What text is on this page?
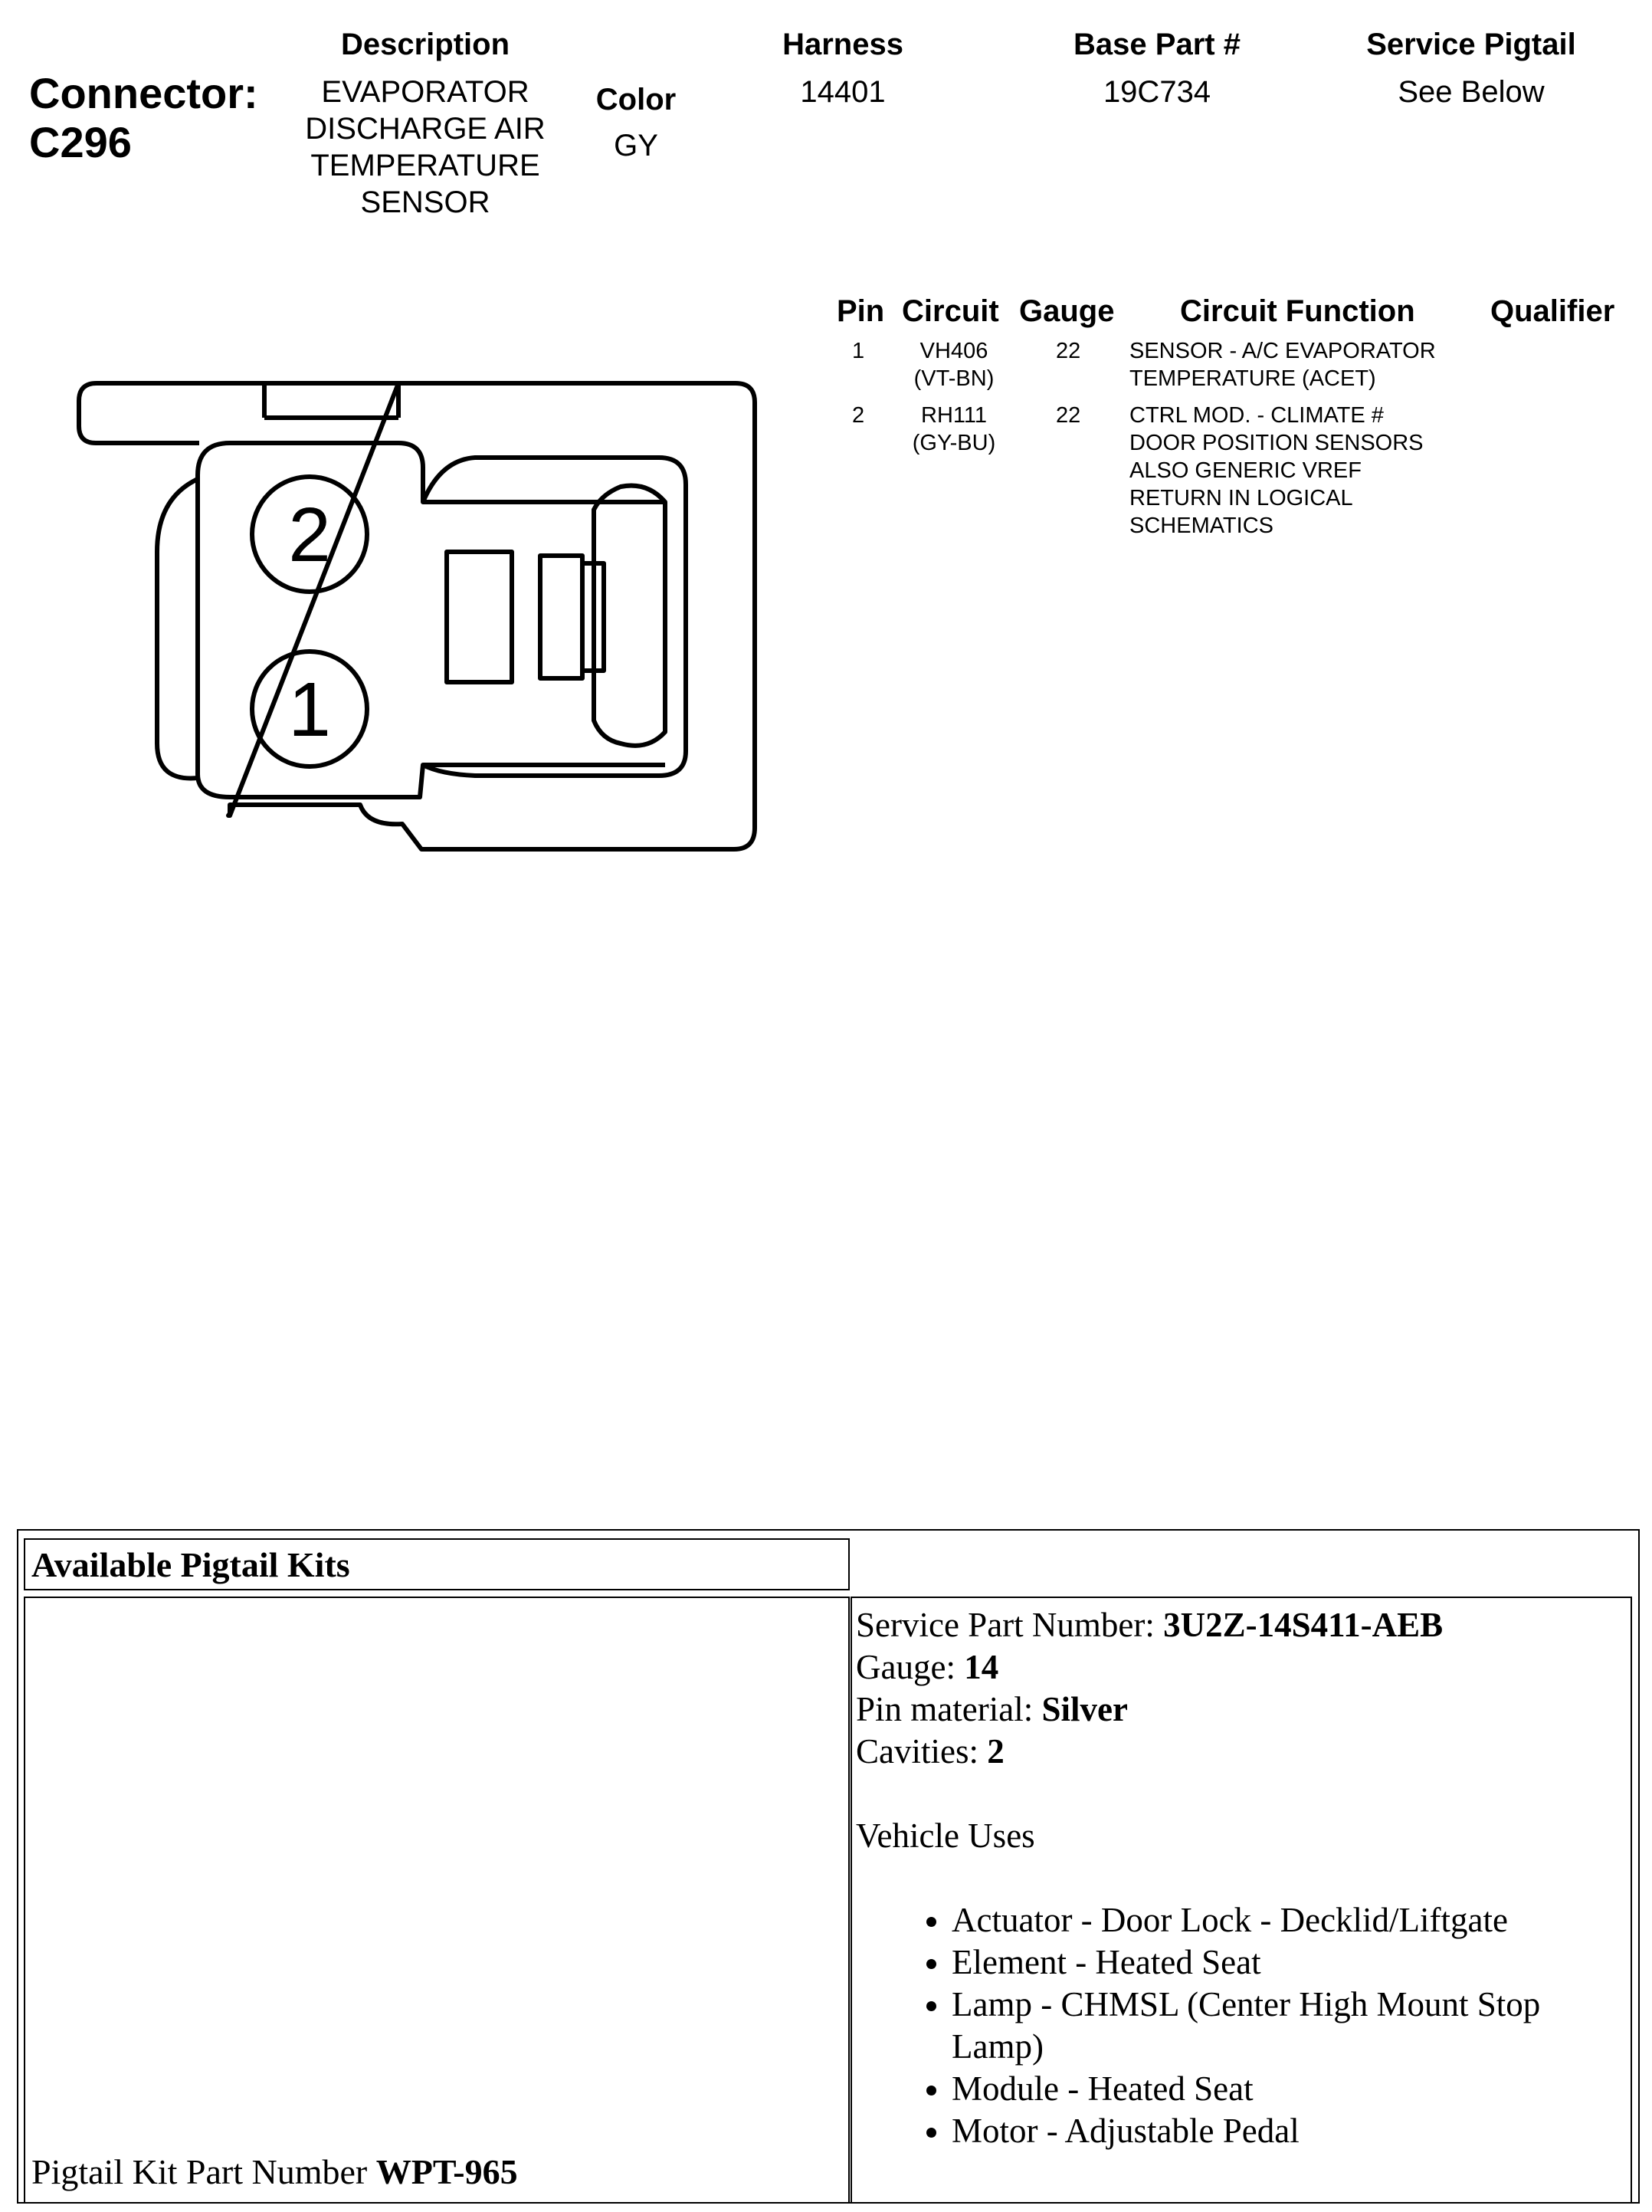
Connector:
C296
Description
EVAPORATOR
DISCHARGE AIR
TEMPERATURE
SENSOR
Color
GY
Harness
14401
Base Part #
19C734
Service Pigtail
See Below
Pin Circuit Gauge Circuit Function Qualifier
1	VH406
(VT-BN)
22 SENSOR - A/C EVAPORATOR
TEMPERATURE (ACET)
2	RH111
(GY-BU)
22 CTRL MOD. - CLIMATE #
DOOR POSITION SENSORS
ALSO GENERIC VREF
RETURN IN LOGICAL
SCHEMATICS
2
1
Available Pigtail Kits
Pigtail Kit Part Number WPT-965
Service Part Number: 3U2Z-14S411-AEB
Gauge: 14
Pin material: Silver
Cavities: 2
Vehicle Uses
• Actuator - Door Lock - Decklid/Liftgate
• Element - Heated Seat
• Lamp - CHMSL (Center High Mount Stop Lamp)
• Module - Heated Seat
• Motor - Adjustable Pedal
